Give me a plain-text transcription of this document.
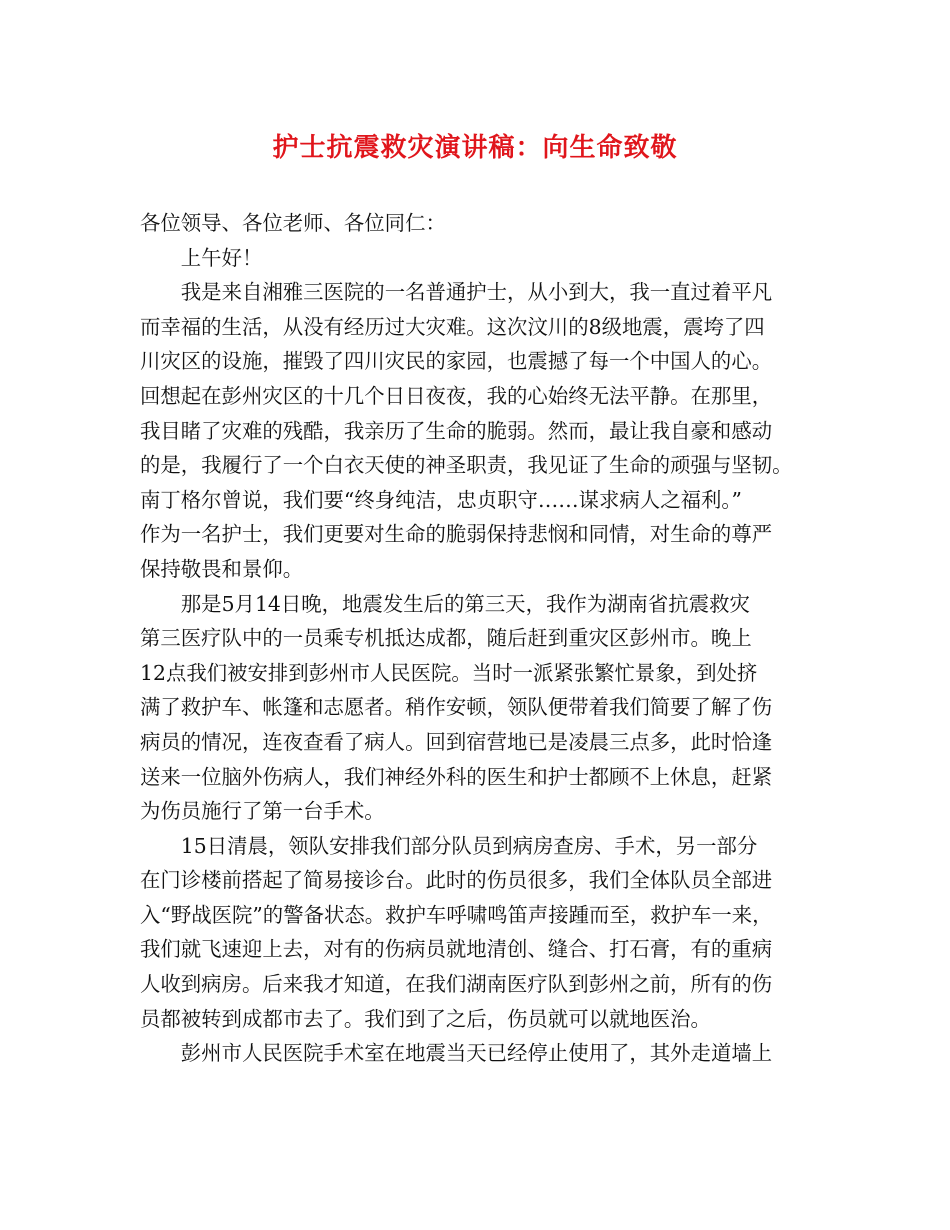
护士抗震救灾演讲稿：向生命致敬

各位领导、各位老师、各位同仁：

上午好！

我是来自湘雅三医院的一名普通护士，从小到大，我一直过着平凡
而幸福的生活，从没有经历过大灾难。这次汶川的8级地震，震垮了四
川灾区的设施，摧毁了四川灾民的家园，也震撼了每一个中国人的心。
回想起在彭州灾区的十几个日日夜夜，我的心始终无法平静。在那里，
我目睹了灾难的残酷，我亲历了生命的脆弱。然而，最让我自豪和感动
的是，我履行了一个白衣天使的神圣职责，我见证了生命的顽强与坚韧。
南丁格尔曾说，我们要“终身纯洁，忠贞职守……谋求病人之福利。”
作为一名护士，我们更要对生命的脆弱保持悲悯和同情，对生命的尊严
保持敬畏和景仰。

那是5月14日晚，地震发生后的第三天，我作为湖南省抗震救灾
第三医疗队中的一员乘专机抵达成都，随后赶到重灾区彭州市。晚上
12点我们被安排到彭州市人民医院。当时一派紧张繁忙景象，到处挤
满了救护车、帐篷和志愿者。稍作安顿，领队便带着我们简要了解了伤
病员的情况，连夜查看了病人。回到宿营地已是凌晨三点多，此时恰逢
送来一位脑外伤病人，我们神经外科的医生和护士都顾不上休息，赶紧
为伤员施行了第一台手术。

15日清晨，领队安排我们部分队员到病房查房、手术，另一部分
在门诊楼前搭起了简易接诊台。此时的伤员很多，我们全体队员全部进
入“野战医院”的警备状态。救护车呼啸鸣笛声接踵而至，救护车一来，
我们就飞速迎上去，对有的伤病员就地清创、缝合、打石膏，有的重病
人收到病房。后来我才知道，在我们湖南医疗队到彭州之前，所有的伤
员都被转到成都市去了。我们到了之后，伤员就可以就地医治。

彭州市人民医院手术室在地震当天已经停止使用了，其外走道墙上
